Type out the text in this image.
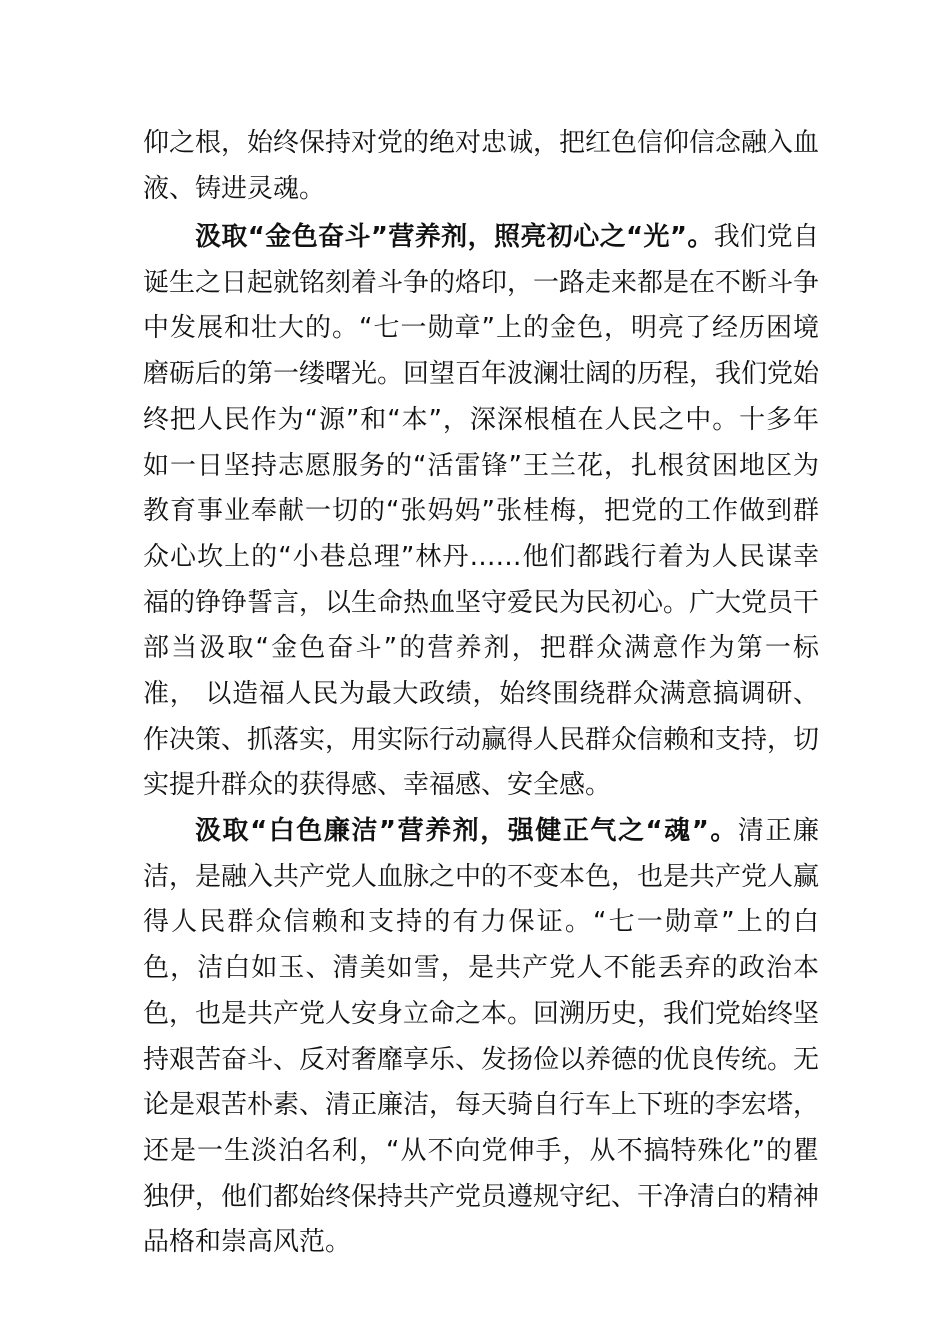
仰之根，始终保持对党的绝对忠诚，把红色信仰信念融入血液、铸进灵魂。

汲取“金色奋斗”营养剂，照亮初心之“光”。我们党自诞生之日起就铭刻着斗争的烙印，一路走来都是在不断斗争中发展和壮大的。“七一勋章”上的金色，明亮了经历困境磨砺后的第一缕曙光。回望百年波澜壮阔的历程，我们党始终把人民作为“源”和“本”，深深根植在人民之中。十多年如一日坚持志愿服务的“活雷锋”王兰花，扎根贫困地区为教育事业奉献一切的“张妈妈”张桂梅，把党的工作做到群众心坎上的“小巷总理”林丹……他们都践行着为人民谋幸福的铮铮誓言，以生命热血坚守爱民为民初心。广大党员干部当汲取“金色奋斗”的营养剂，把群众满意作为第一标准， 以造福人民为最大政绩，始终围绕群众满意搞调研、作决策、抓落实，用实际行动赢得人民群众信赖和支持，切实提升群众的获得感、幸福感、安全感。

汲取“白色廉洁”营养剂，强健正气之“魂”。清正廉洁，是融入共产党人血脉之中的不变本色，也是共产党人赢得人民群众信赖和支持的有力保证。“七一勋章”上的白色，洁白如玉、清美如雪，是共产党人不能丢弃的政治本色，也是共产党人安身立命之本。回溯历史，我们党始终坚持艰苦奋斗、反对奢靡享乐、发扬俭以养德的优良传统。无论是艰苦朴素、清正廉洁，每天骑自行车上下班的李宏塔，还是一生淡泊名利，“从不向党伸手，从不搞特殊化”的瞿独伊，他们都始终保持共产党员遵规守纪、干净清白的精神品格和崇高风范。
